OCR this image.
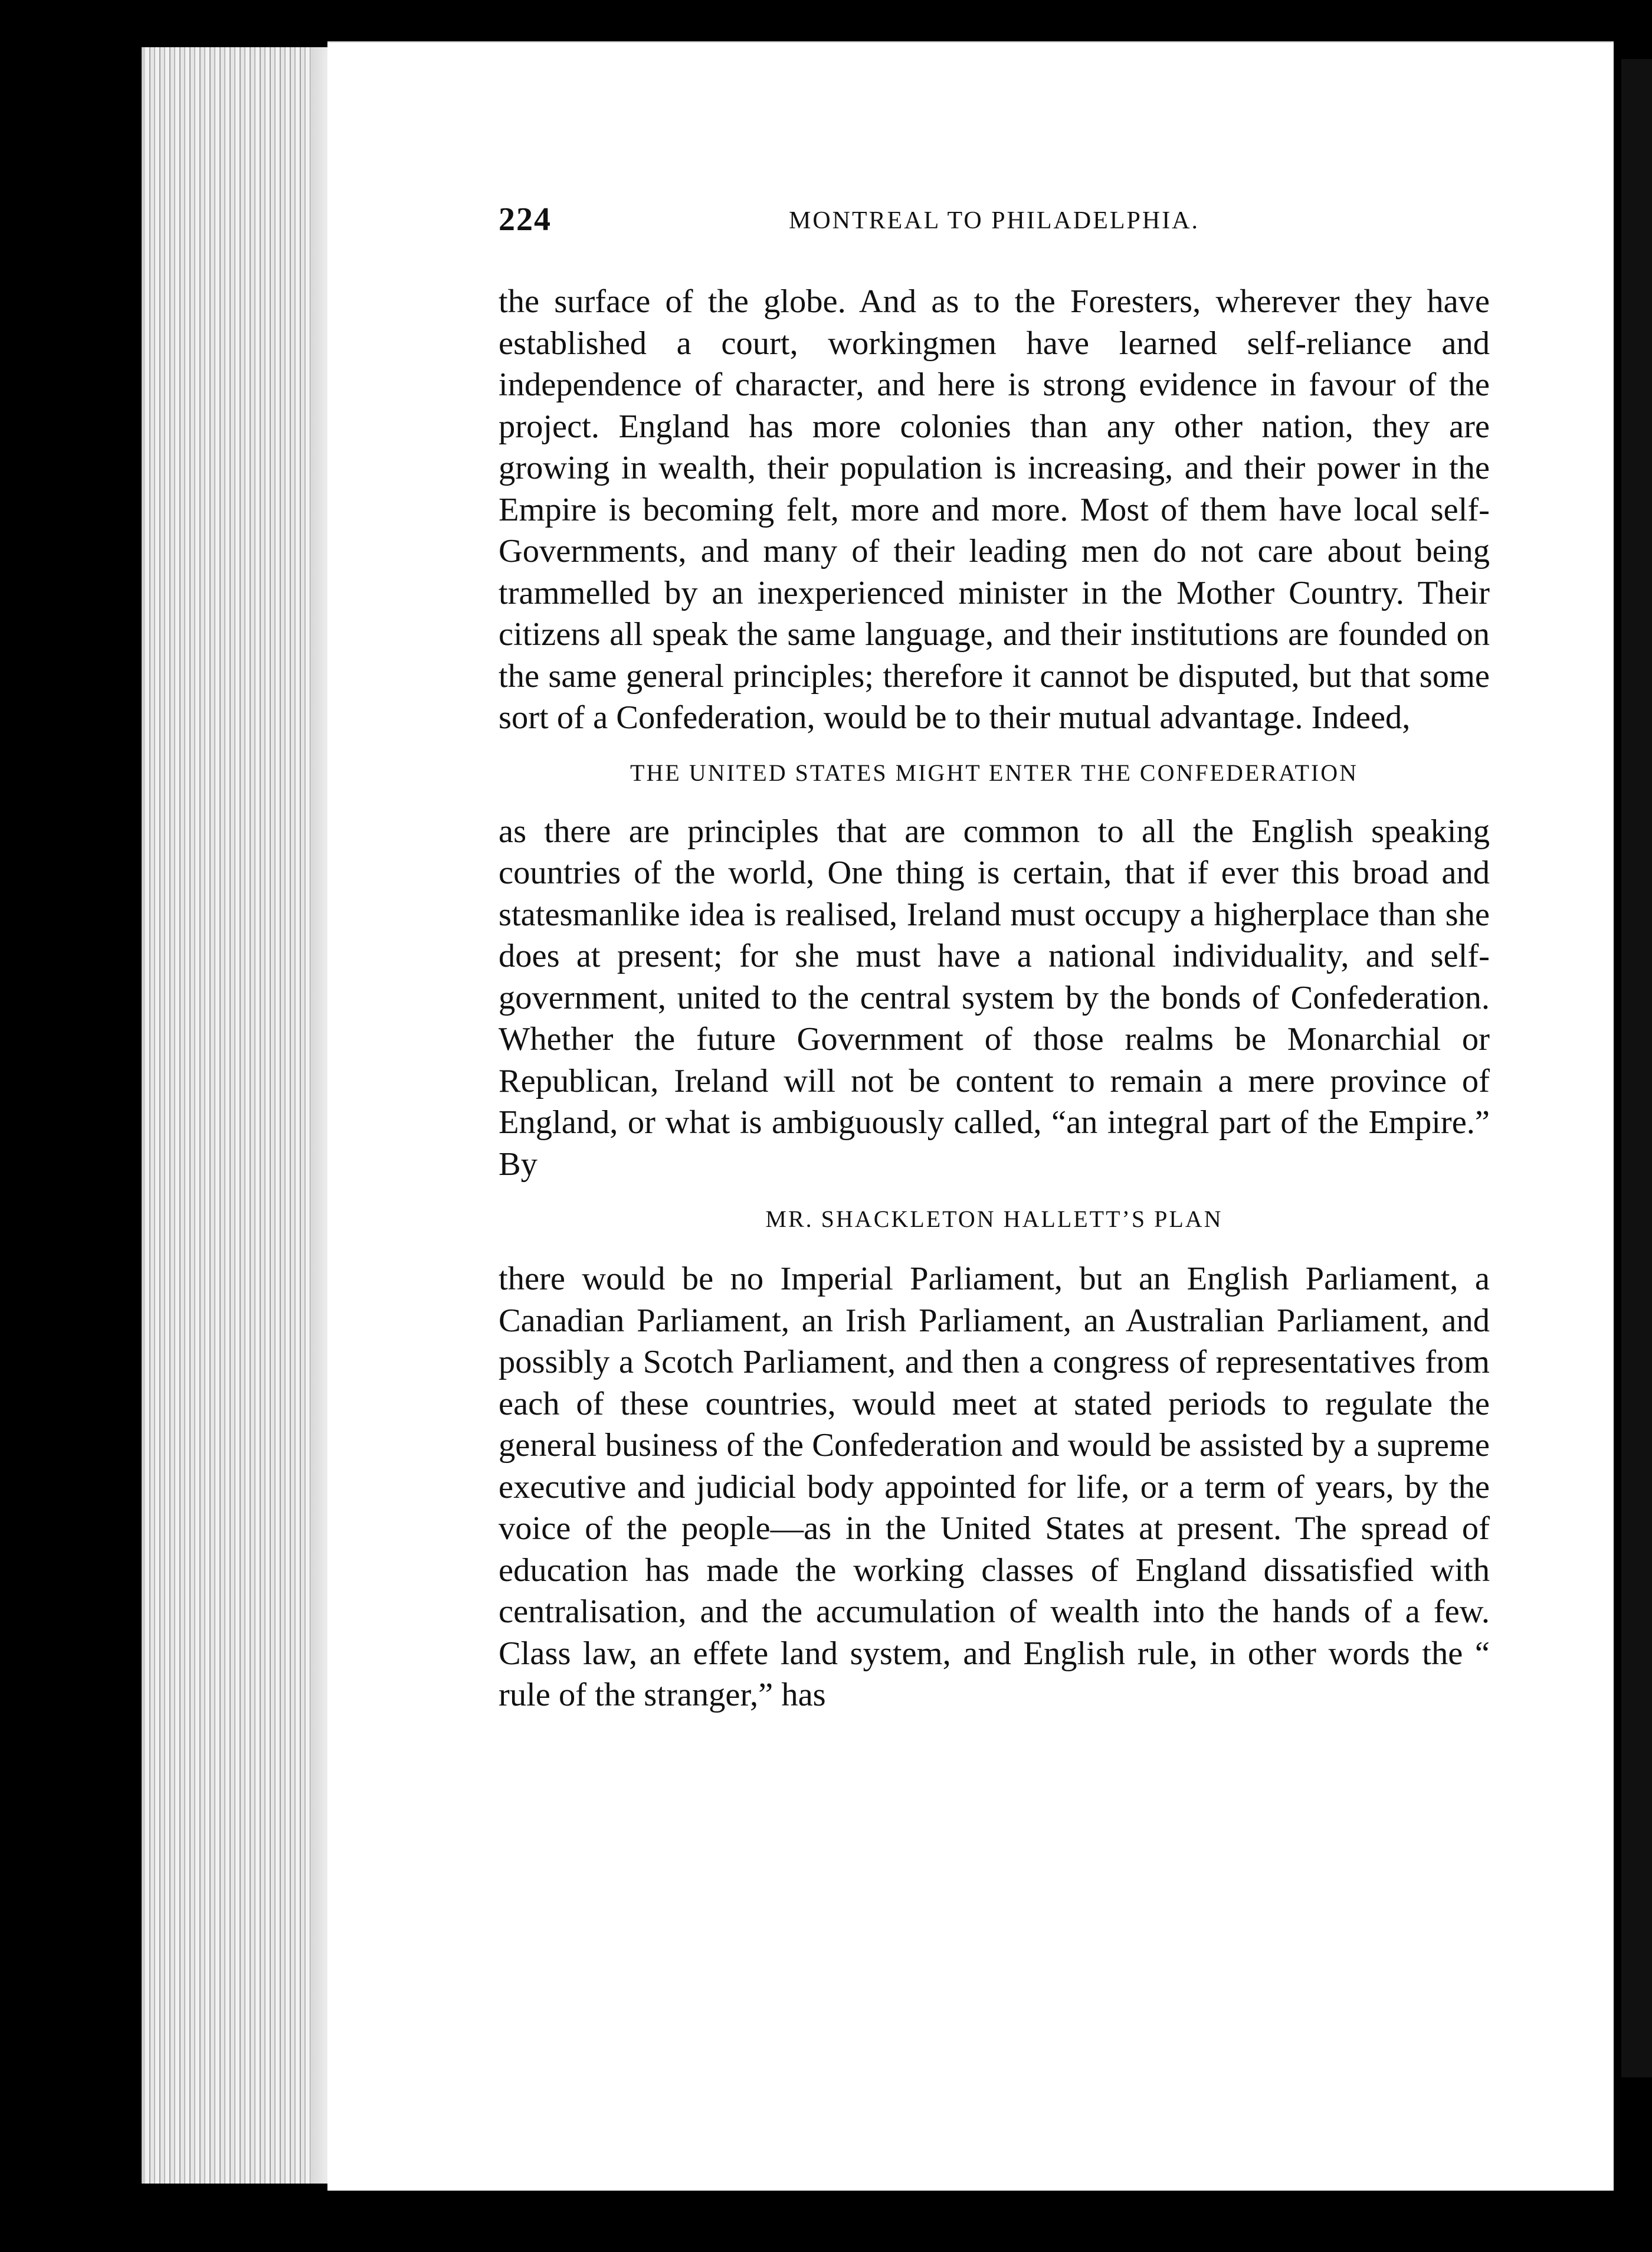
224	MONTREAL TO PHILADELPHIA.

the surface of the globe. And as to the Foresters, wherever they have established a court, workingmen have learned self-reliance and independence of character, and here is strong evidence in favour of the project. England has more colonies than any other nation, they are growing in wealth, their population is increasing, and their power in the Empire is becoming felt, more and more. Most of them have local self-Governments, and many of their leading men do not care about being trammelled by an inexperienced minister in the Mother Country. Their citizens all speak the same language, and their institutions are founded on the same general principles; therefore it cannot be disputed, but that some sort of a Confederation, would be to their mutual advantage. Indeed,

THE UNITED STATES MIGHT ENTER THE CONFEDERATION

as there are principles that are common to all the English speaking countries of the world, One thing is certain, that if ever this broad and statesmanlike idea is realised, Ireland must occupy a higherplace than she does at present; for she must have a national individuality, and self-government, united to the central system by the bonds of Confederation. Whether the future Government of those realms be Monarchial or Republican, Ireland will not be content to remain a mere province of England, or what is ambiguously called, “an integral part of the Empire.” By

MR. SHACKLETON HALLETT’S PLAN

there would be no Imperial Parliament, but an English Parliament, a Canadian Parliament, an Irish Parliament, an Australian Parliament, and possibly a Scotch Parliament, and then a congress of representatives from each of these countries, would meet at stated periods to regulate the general business of the Confederation and would be assisted by a supreme executive and judicial body appointed for life, or a term of years, by the voice of the people—as in the United States at present. The spread of education has made the working classes of England dissatisfied with centralisation, and the accumulation of wealth into the hands of a few. Class law, an effete land system, and English rule, in other words the “ rule of the stranger,” has
